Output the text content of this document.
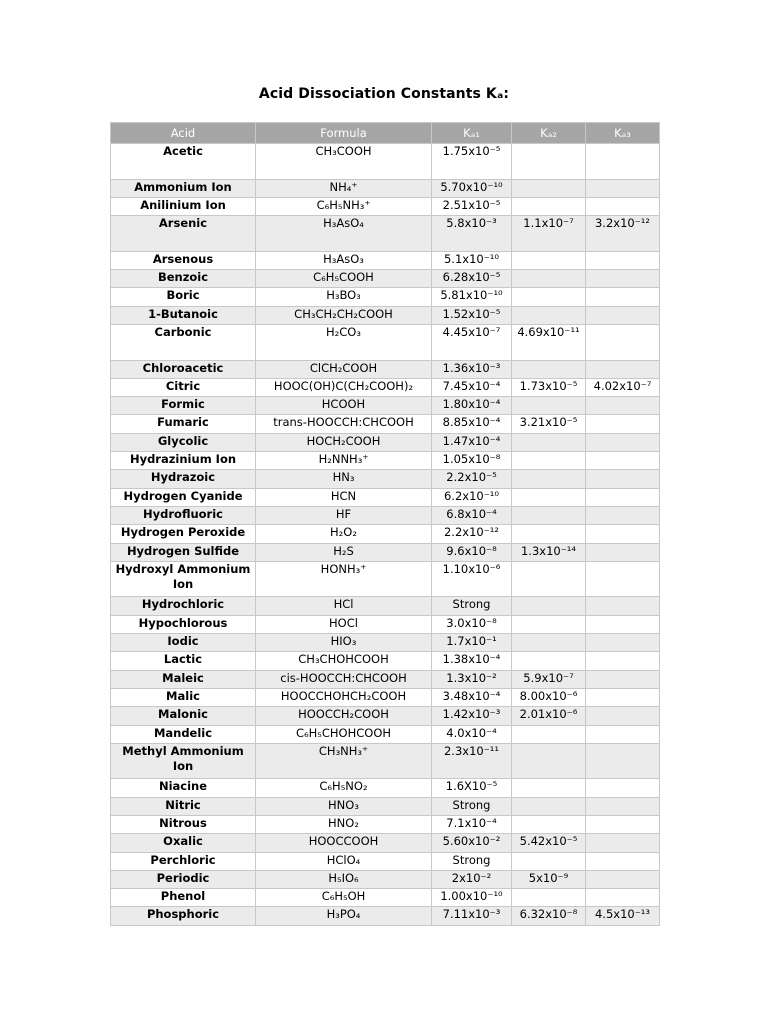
Acid Dissociation Constants Kₐ:
Acid	Formula	Kₐ₁	Kₐ₂	Kₐ₃
Acetic	CH₃COOH	1.75x10⁻⁵		
Ammonium Ion	NH₄⁺	5.70x10⁻¹⁰		
Anilinium Ion	C₆H₅NH₃⁺	2.51x10⁻⁵		
Arsenic	H₃AsO₄	5.8x10⁻³	1.1x10⁻⁷	3.2x10⁻¹²
Arsenous	H₃AsO₃	5.1x10⁻¹⁰		
Benzoic	C₆H₅COOH	6.28x10⁻⁵		
Boric	H₃BO₃	5.81x10⁻¹⁰		
1-Butanoic	CH₃CH₂CH₂COOH	1.52x10⁻⁵		
Carbonic	H₂CO₃	4.45x10⁻⁷	4.69x10⁻¹¹	
Chloroacetic	ClCH₂COOH	1.36x10⁻³		
Citric	HOOC(OH)C(CH₂COOH)₂	7.45x10⁻⁴	1.73x10⁻⁵	4.02x10⁻⁷
Formic	HCOOH	1.80x10⁻⁴		
Fumaric	trans-HOOCCH:CHCOOH	8.85x10⁻⁴	3.21x10⁻⁵	
Glycolic	HOCH₂COOH	1.47x10⁻⁴		
Hydrazinium Ion	H₂NNH₃⁺	1.05x10⁻⁸		
Hydrazoic	HN₃	2.2x10⁻⁵		
Hydrogen Cyanide	HCN	6.2x10⁻¹⁰		
Hydrofluoric	HF	6.8x10⁻⁴		
Hydrogen Peroxide	H₂O₂	2.2x10⁻¹²		
Hydrogen Sulfide	H₂S	9.6x10⁻⁸	1.3x10⁻¹⁴	
Hydroxyl Ammonium Ion	HONH₃⁺	1.10x10⁻⁶		
Hydrochloric	HCl	Strong		
Hypochlorous	HOCl	3.0x10⁻⁸		
Iodic	HIO₃	1.7x10⁻¹		
Lactic	CH₃CHOHCOOH	1.38x10⁻⁴		
Maleic	cis-HOOCCH:CHCOOH	1.3x10⁻²	5.9x10⁻⁷	
Malic	HOOCCHOHCH₂COOH	3.48x10⁻⁴	8.00x10⁻⁶	
Malonic	HOOCCH₂COOH	1.42x10⁻³	2.01x10⁻⁶	
Mandelic	C₆H₅CHOHCOOH	4.0x10⁻⁴		
Methyl Ammonium Ion	CH₃NH₃⁺	2.3x10⁻¹¹		
Niacine	C₆H₅NO₂	1.6X10⁻⁵		
Nitric	HNO₃	Strong		
Nitrous	HNO₂	7.1x10⁻⁴		
Oxalic	HOOCCOOH	5.60x10⁻²	5.42x10⁻⁵	
Perchloric	HClO₄	Strong		
Periodic	H₅IO₆	2x10⁻²	5x10⁻⁹	
Phenol	C₆H₅OH	1.00x10⁻¹⁰		
Phosphoric	H₃PO₄	7.11x10⁻³	6.32x10⁻⁸	4.5x10⁻¹³
